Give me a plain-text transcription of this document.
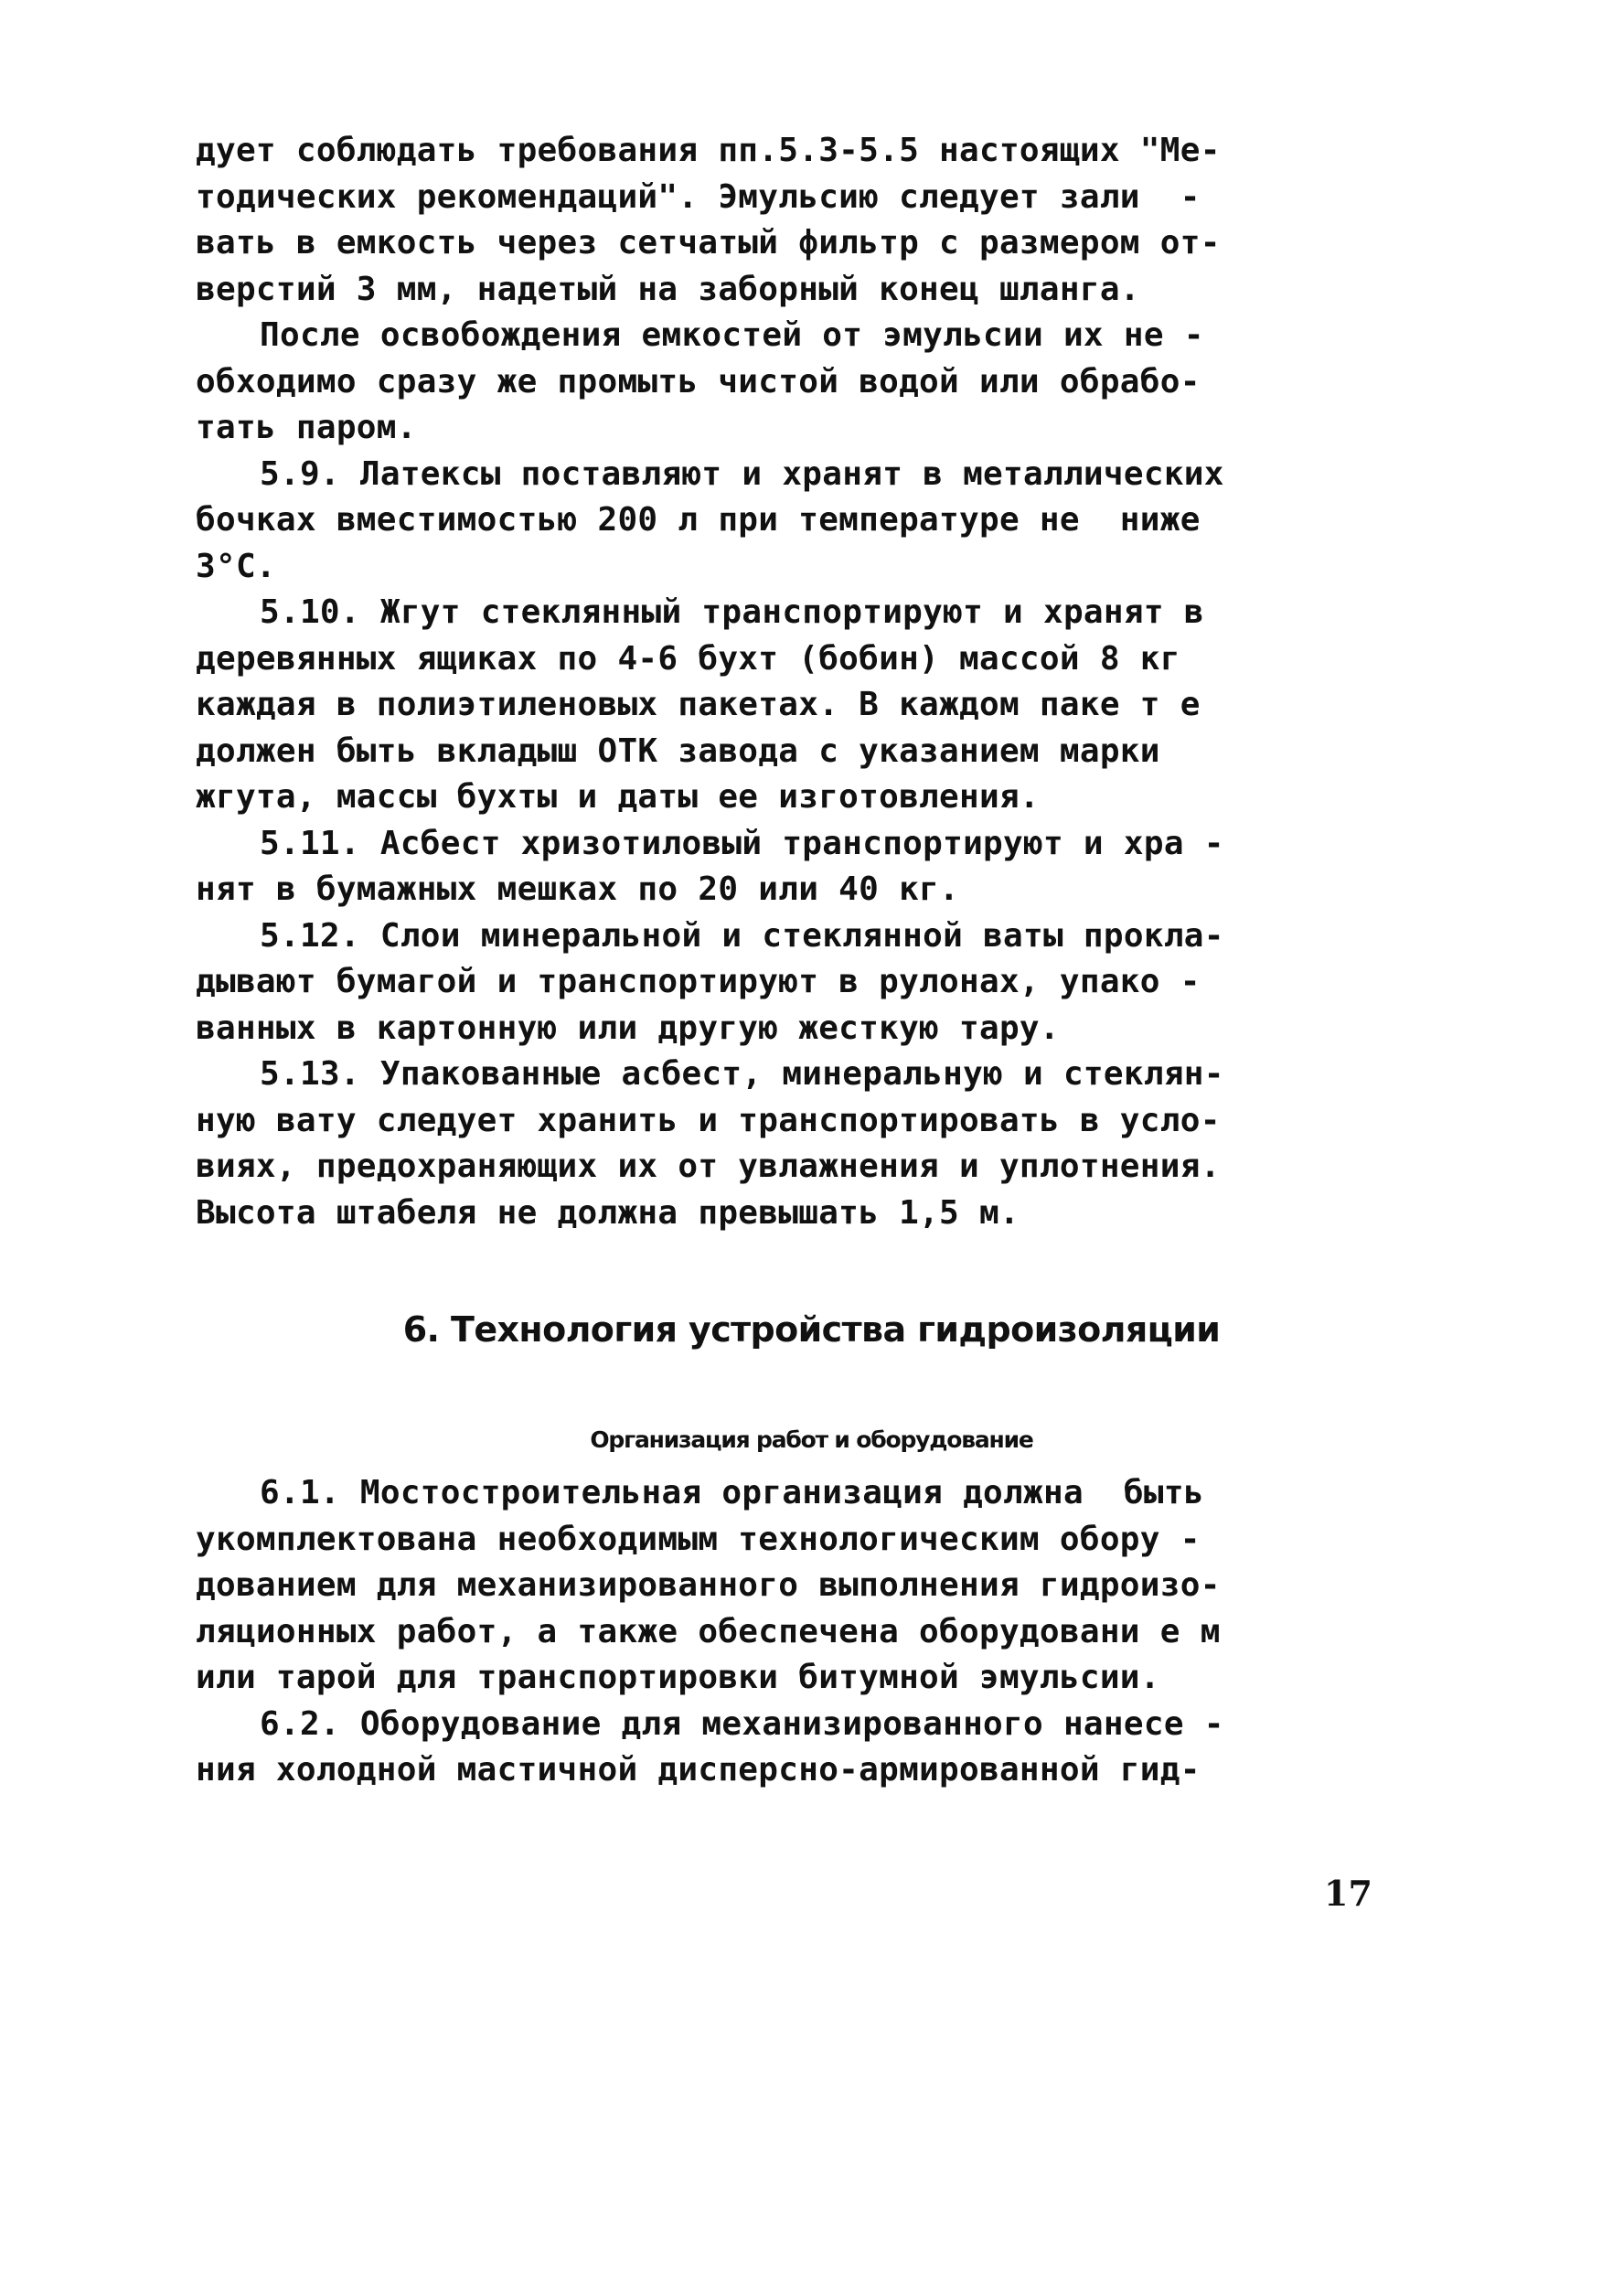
дует соблюдать требования пп.5.3-5.5 настоящих "Ме-
тодических рекомендаций". Эмульсию следует зали  -
вать в емкость через сетчатый фильтр с размером от-
верстий 3 мм, надетый на заборный конец шланга.
После освобождения емкостей от эмульсии их не -
обходимо сразу же промыть чистой водой или обрабо-
тать паром.
5.9. Латексы поставляют и хранят в металлических
бочках вместимостью 200 л при температуре не  ниже
3°С.
5.10. Жгут стеклянный транспортируют и хранят в
деревянных ящиках по 4-6 бухт (бобин) массой 8 кг
каждая в полиэтиленовых пакетах. В каждом паке т е
должен быть вкладыш ОТК завода с указанием марки
жгута, массы бухты и даты ее изготовления.
5.11. Асбест хризотиловый транспортируют и хра -
нят в бумажных мешках по 20 или 40 кг.
5.12. Слои минеральной и стеклянной ваты прокла-
дывают бумагой и транспортируют в рулонах, упако -
ванных в картонную или другую жесткую тару.
5.13. Упакованные асбест, минеральную и стеклян-
ную вату следует хранить и транспортировать в усло-
виях, предохраняющих их от увлажнения и уплотнения.
Высота штабеля не должна превышать 1,5 м.
6. Технология устройства гидроизоляции
Организация работ и оборудование
6.1. Мостостроительная организация должна  быть
укомплектована необходимым технологическим обору -
дованием для механизированного выполнения гидроизо-
ляционных работ, а также обеспечена оборудовани е м
или тарой для транспортировки битумной эмульсии.
6.2. Оборудование для механизированного нанесе -
ния холодной мастичной дисперсно-армированной гид-
17
